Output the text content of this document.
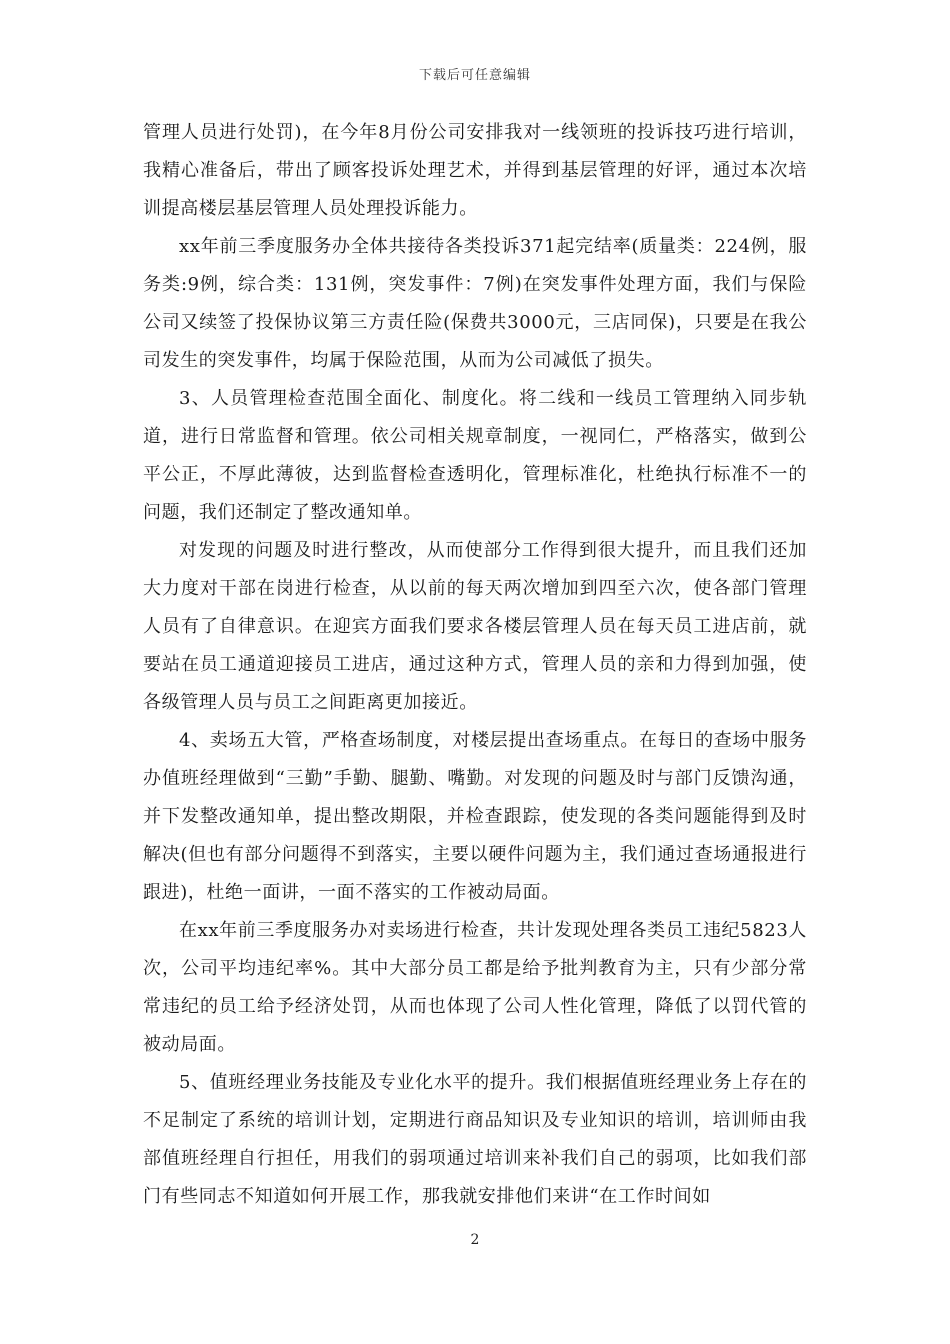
下载后可任意编辑

管理人员进行处罚)，在今年8月份公司安排我对一线领班的投诉技巧进行培训，我精心准备后，带出了顾客投诉处理艺术，并得到基层管理的好评，通过本次培训提高楼层基层管理人员处理投诉能力。

xx年前三季度服务办全体共接待各类投诉371起完结率(质量类：224例，服务类:9例，综合类：131例，突发事件：7例)在突发事件处理方面，我们与保险公司又续签了投保协议第三方责任险(保费共3000元，三店同保)，只要是在我公司发生的突发事件，均属于保险范围，从而为公司减低了损失。

3、人员管理检查范围全面化、制度化。将二线和一线员工管理纳入同步轨道，进行日常监督和管理。依公司相关规章制度，一视同仁，严格落实，做到公平公正，不厚此薄彼，达到监督检查透明化，管理标准化，杜绝执行标准不一的问题，我们还制定了整改通知单。

对发现的问题及时进行整改，从而使部分工作得到很大提升，而且我们还加大力度对干部在岗进行检查，从以前的每天两次增加到四至六次，使各部门管理人员有了自律意识。在迎宾方面我们要求各楼层管理人员在每天员工进店前，就要站在员工通道迎接员工进店，通过这种方式，管理人员的亲和力得到加强，使各级管理人员与员工之间距离更加接近。

4、卖场五大管，严格查场制度，对楼层提出查场重点。在每日的查场中服务办值班经理做到“三勤”手勤、腿勤、嘴勤。对发现的问题及时与部门反馈沟通，并下发整改通知单，提出整改期限，并检查跟踪，使发现的各类问题能得到及时解决(但也有部分问题得不到落实，主要以硬件问题为主，我们通过查场通报进行跟进)，杜绝一面讲，一面不落实的工作被动局面。

在xx年前三季度服务办对卖场进行检查，共计发现处理各类员工违纪5823人次，公司平均违纪率%。其中大部分员工都是给予批判教育为主，只有少部分常常违纪的员工给予经济处罚，从而也体现了公司人性化管理，降低了以罚代管的被动局面。

5、值班经理业务技能及专业化水平的提升。我们根据值班经理业务上存在的不足制定了系统的培训计划，定期进行商品知识及专业知识的培训，培训师由我部值班经理自行担任，用我们的弱项通过培训来补我们自己的弱项，比如我们部门有些同志不知道如何开展工作，那我就安排他们来讲“在工作时间如

2
